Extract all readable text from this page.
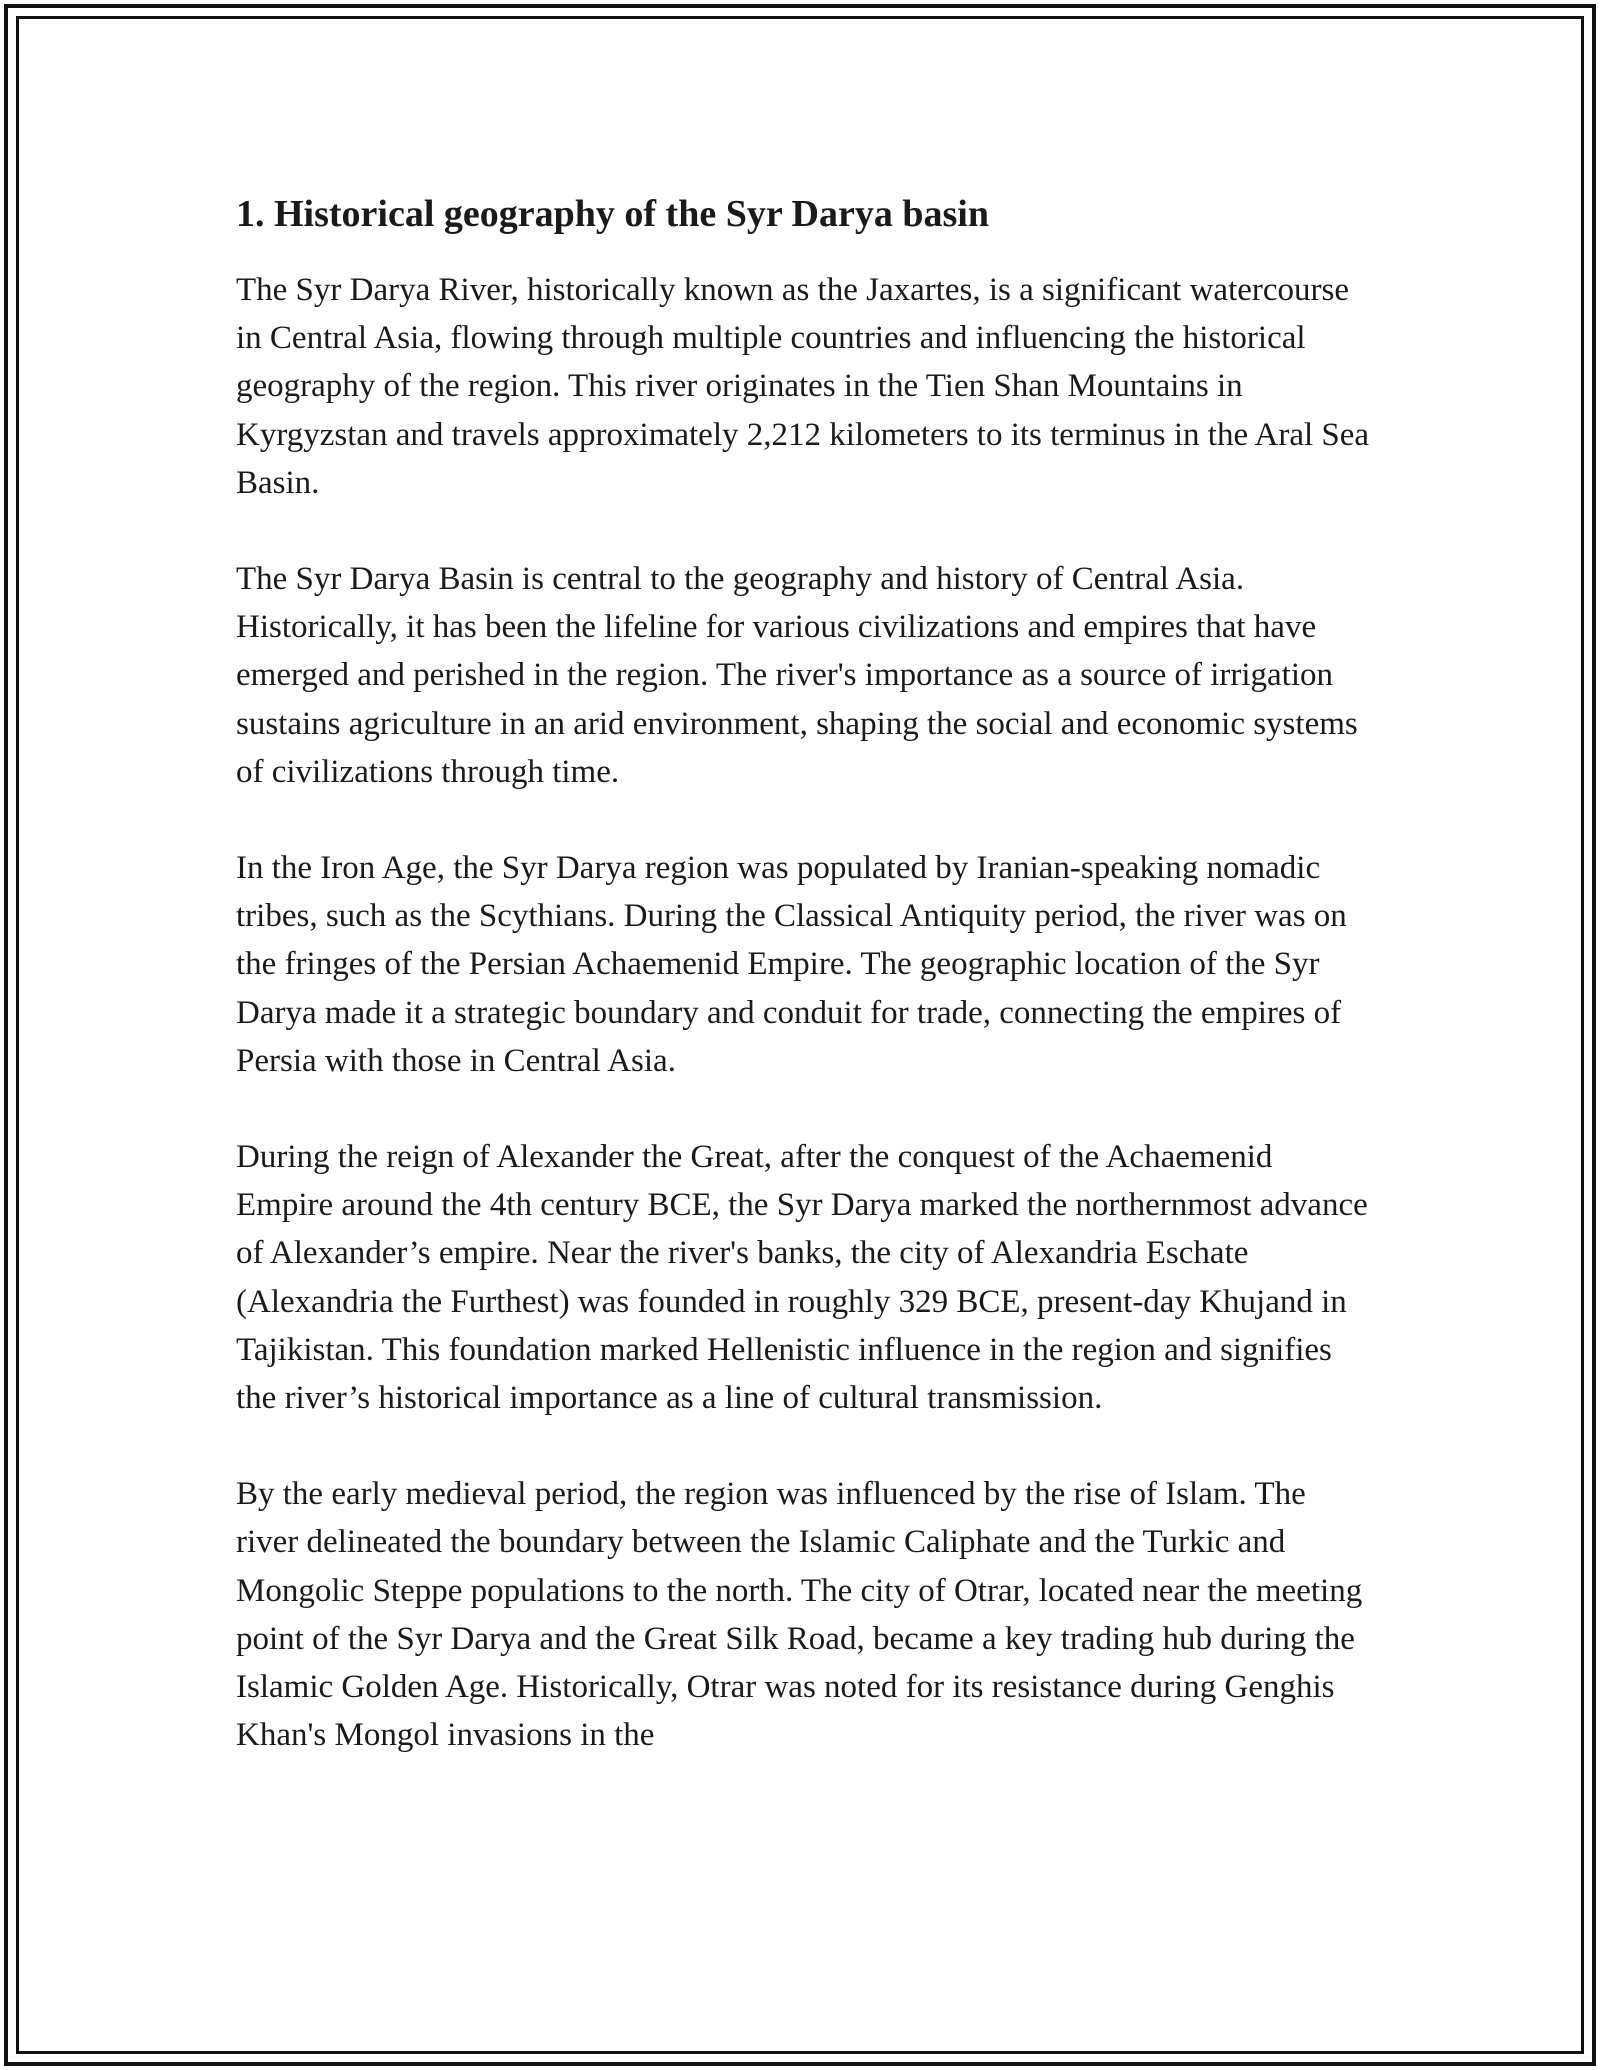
1. Historical geography of the Syr Darya basin

The Syr Darya River, historically known as the Jaxartes, is a significant watercourse in Central Asia, flowing through multiple countries and influencing the historical geography of the region. This river originates in the Tien Shan Mountains in Kyrgyzstan and travels approximately 2,212 kilometers to its terminus in the Aral Sea Basin.

The Syr Darya Basin is central to the geography and history of Central Asia. Historically, it has been the lifeline for various civilizations and empires that have emerged and perished in the region. The river's importance as a source of irrigation sustains agriculture in an arid environment, shaping the social and economic systems of civilizations through time.

In the Iron Age, the Syr Darya region was populated by Iranian-speaking nomadic tribes, such as the Scythians. During the Classical Antiquity period, the river was on the fringes of the Persian Achaemenid Empire. The geographic location of the Syr Darya made it a strategic boundary and conduit for trade, connecting the empires of Persia with those in Central Asia.

During the reign of Alexander the Great, after the conquest of the Achaemenid Empire around the 4th century BCE, the Syr Darya marked the northernmost advance of Alexander’s empire. Near the river's banks, the city of Alexandria Eschate (Alexandria the Furthest) was founded in roughly 329 BCE, present-day Khujand in Tajikistan. This foundation marked Hellenistic influence in the region and signifies the river’s historical importance as a line of cultural transmission.

By the early medieval period, the region was influenced by the rise of Islam. The river delineated the boundary between the Islamic Caliphate and the Turkic and Mongolic Steppe populations to the north. The city of Otrar, located near the meeting point of the Syr Darya and the Great Silk Road, became a key trading hub during the Islamic Golden Age. Historically, Otrar was noted for its resistance during Genghis Khan's Mongol invasions in the
